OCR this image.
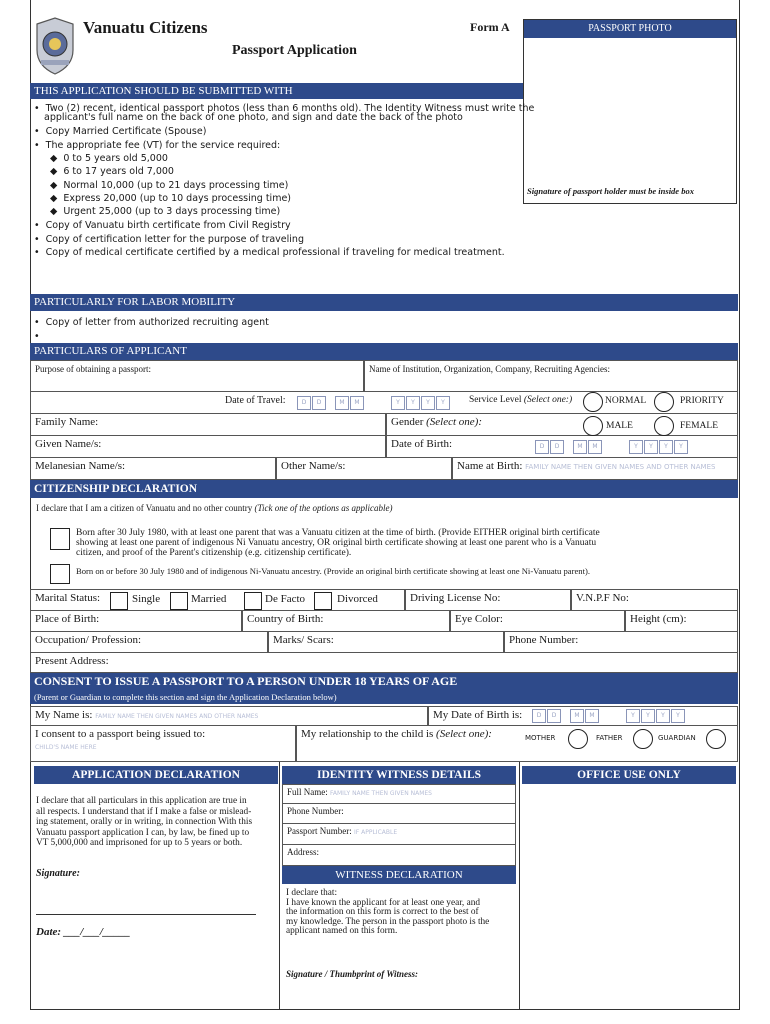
Vanuatu Citizens
Passport Application
Form A	PASSPORT PHOTO
Signature of passport holder must be inside box
THIS APPLICATION SHOULD BE SUBMITTED WITH
•  Two (2) recent, identical passport photos (less than 6 months old). The Identity Witness must write the
applicant's full name on the back of one photo, and sign and date the back of the photo
•  Copy Married Certificate (Spouse)
•  The appropriate fee (VT) for the service required:
◆  0 to 5 years old 5,000
◆  6 to 17 years old 7,000
◆  Normal 10,000 (up to 21 days processing time)
◆  Express 20,000 (up to 10 days processing time)
◆  Urgent 25,000 (up to 3 days processing time)
•  Copy of Vanuatu birth certificate from Civil Registry
•  Copy of certification letter for the purpose of traveling
•  Copy of medical certificate certified by a medical professional if traveling for medical treatment.
PARTICULARLY FOR LABOR MOBILITY
•  Copy of letter from authorized recruiting agent
•
PARTICULARS OF APPLICANT
Purpose of obtaining a passport:	Name of Institution, Organization, Company, Recruiting Agencies:
Date of Travel:	D	D	M	M	Y	Y	Y	Y	Service Level (Select one:)	NORMAL	PRIORITY
Family Name:	Gender (Select one):	MALE	FEMALE
Given Name/s:	Date of Birth:	D	D	M	M	Y	Y	Y	Y
Melanesian Name/s:	Other Name/s:	Name at Birth: FAMILY NAME THEN GIVEN NAMES AND OTHER NAMES
CITIZENSHIP DECLARATION
I declare that I am a citizen of Vanuatu and no other country (Tick one of the options as applicable)
Born after 30 July 1980, with at least one parent that was a Vanuatu citizen at the time of birth. (Provide EITHER original birth certificate
showing at least one parent of indigenous Ni Vanuatu ancestry, OR original birth certificate showing at least one parent who is a Vanuatu
citizen, and proof of the Parent's citizenship (e.g. citizenship certificate).
Born on or before 30 July 1980 and of indigenous Ni-Vanuatu ancestry. (Provide an original birth certificate showing at least one Ni-Vanuatu parent).
Marital Status:	Single	Married	De Facto	Divorced	Driving License No:	V.N.P.F No:
Place of Birth:	Country of Birth:	Eye Color:	Height (cm):
Occupation/ Profession:	Marks/ Scars:	Phone Number:
Present Address:
CONSENT TO ISSUE A PASSPORT TO A PERSON UNDER 18 YEARS OF AGE
(Parent or Guardian to complete this section and sign the Application Declaration below)
My Name is: FAMILY NAME THEN GIVEN NAMES AND OTHER NAMES	My Date of Birth is:	D	D	M	M	Y	Y	Y	Y
I consent to a passport being issued to:
CHILD'S NAME HERE
My relationship to the child is (Select one):	MOTHER	FATHER	GUARDIAN
APPLICATION DECLARATION
I declare that all particulars in this application are true in
all respects. I understand that if I make a false or mislead-
ing statement, orally or in writing, in connection With this
Vanuatu passport application I can, by law, be fined up to
VT 5,000,000 and imprisoned for up to 5 years or both.
Signature:
Date: ___/___/_____
IDENTITY WITNESS DETAILS
Full Name: FAMILY NAME THEN GIVEN NAMES
Phone Number:
Passport Number: IF APPLICABLE
Address:
WITNESS DECLARATION
I declare that:
I have known the applicant for at least one year, and
the information on this form is correct to the best of
my knowledge. The person in the passport photo is the
applicant named on this form.
Signature / Thumbprint of Witness:
OFFICE USE ONLY
